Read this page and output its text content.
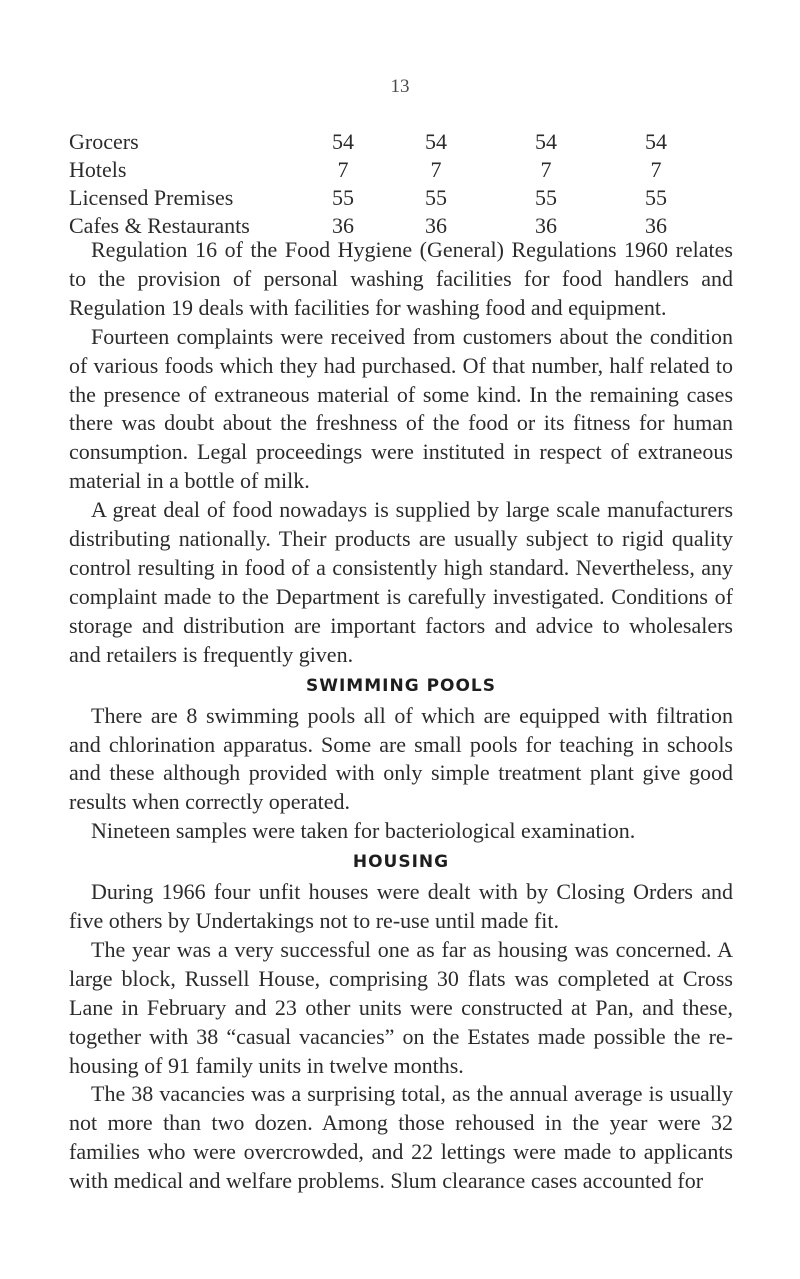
13
Grocers	54	54	54	54
Hotels	7	7	7	7
Licensed Premises	55	55	55	55
Cafes & Restaurants	36	36	36	36

Regulation 16 of the Food Hygiene (General) Regulations 1960 relates to the provision of personal washing facilities for food handlers and Regulation 19 deals with facilities for washing food and equipment.

Fourteen complaints were received from customers about the condition of various foods which they had purchased. Of that number, half related to the presence of extraneous material of some kind. In the remaining cases there was doubt about the freshness of the food or its fitness for human consumption. Legal proceedings were instituted in respect of extraneous material in a bottle of milk.

A great deal of food nowadays is supplied by large scale manufacturers distributing nationally. Their products are usually subject to rigid quality control resulting in food of a consistently high standard. Nevertheless, any complaint made to the Department is carefully investigated. Conditions of storage and distribution are important factors and advice to wholesalers and retailers is frequently given.

SWIMMING POOLS

There are 8 swimming pools all of which are equipped with filtration and chlorination apparatus. Some are small pools for teaching in schools and these although provided with only simple treatment plant give good results when correctly operated.

Nineteen samples were taken for bacteriological examination.

HOUSING

During 1966 four unfit houses were dealt with by Closing Orders and five others by Undertakings not to re-use until made fit.

The year was a very successful one as far as housing was concerned. A large block, Russell House, comprising 30 flats was completed at Cross Lane in February and 23 other units were constructed at Pan, and these, together with 38 “casual vacancies” on the Estates made possible the re-housing of 91 family units in twelve months.

The 38 vacancies was a surprising total, as the annual average is usually not more than two dozen. Among those rehoused in the year were 32 families who were overcrowded, and 22 lettings were made to applicants with medical and welfare problems. Slum clearance cases accounted for
